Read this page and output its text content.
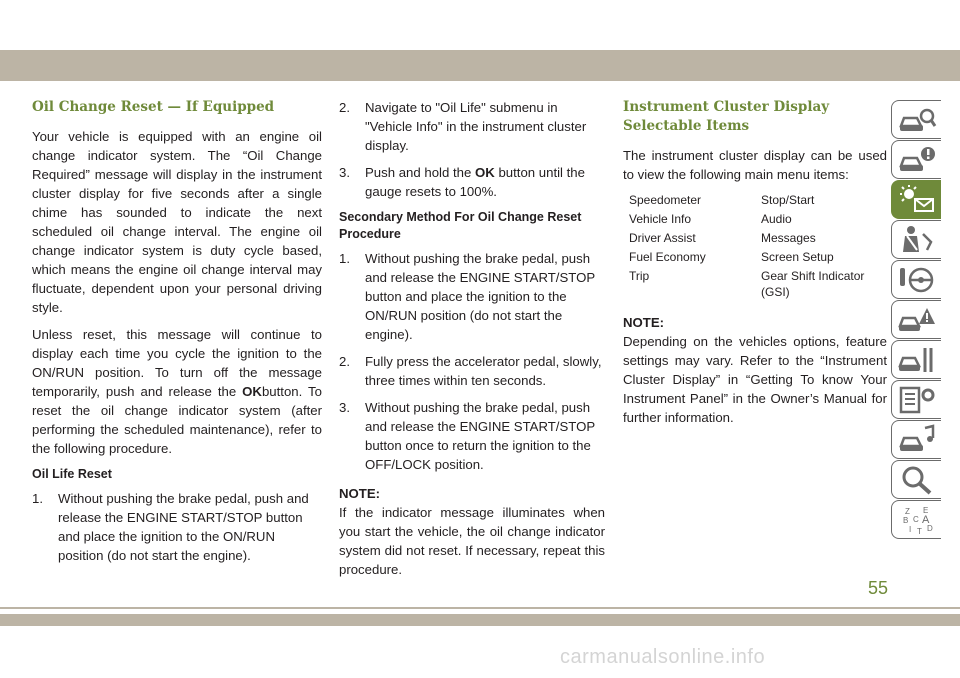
Oil Change Reset — If Equipped

Your vehicle is equipped with an engine oil change indicator system. The “Oil Change Required” message will display in the instrument cluster display for five seconds after a single chime has sounded to indicate the next scheduled oil change interval. The engine oil change indicator system is duty cycle based, which means the engine oil change interval may fluctuate, dependent upon your personal driving style.

Unless reset, this message will continue to display each time you cycle the ignition to the ON/RUN position. To turn off the message temporarily, push and release the OKbutton. To reset the oil change indicator system (after performing the scheduled maintenance), refer to the following procedure.

Oil Life Reset
1. Without pushing the brake pedal, push and release the ENGINE START/STOP button and place the ignition to the ON/RUN position (do not start the engine).
2. Navigate to "Oil Life" submenu in "Vehicle Info" in the instrument cluster display.
3. Push and hold the OK button until the gauge resets to 100%.
Secondary Method For Oil Change Reset Procedure
1. Without pushing the brake pedal, push and release the ENGINE START/STOP button and place the ignition to the ON/RUN position (do not start the engine).
2. Fully press the accelerator pedal, slowly, three times within ten seconds.
3. Without pushing the brake pedal, push and release the ENGINE START/STOP button once to return the ignition to the OFF/LOCK position.
NOTE:

If the indicator message illuminates when you start the vehicle, the oil change indicator system did not reset. If necessary, repeat this procedure.

Instrument Cluster Display Selectable Items

The instrument cluster display can be used to view the following main menu items:

Speedometer	Stop/Start
Vehicle Info	Audio
Driver Assist	Messages
Fuel Economy	Screen Setup
Trip	Gear Shift Indicator (GSI)
NOTE:

Depending on the vehicles options, feature settings may vary. Refer to the “Instrument Cluster Display” in “Getting To know Your Instrument Panel” in the Owner’s Manual for further information.

Z E
B A
C
I T D
55
carmanualsonline.info
